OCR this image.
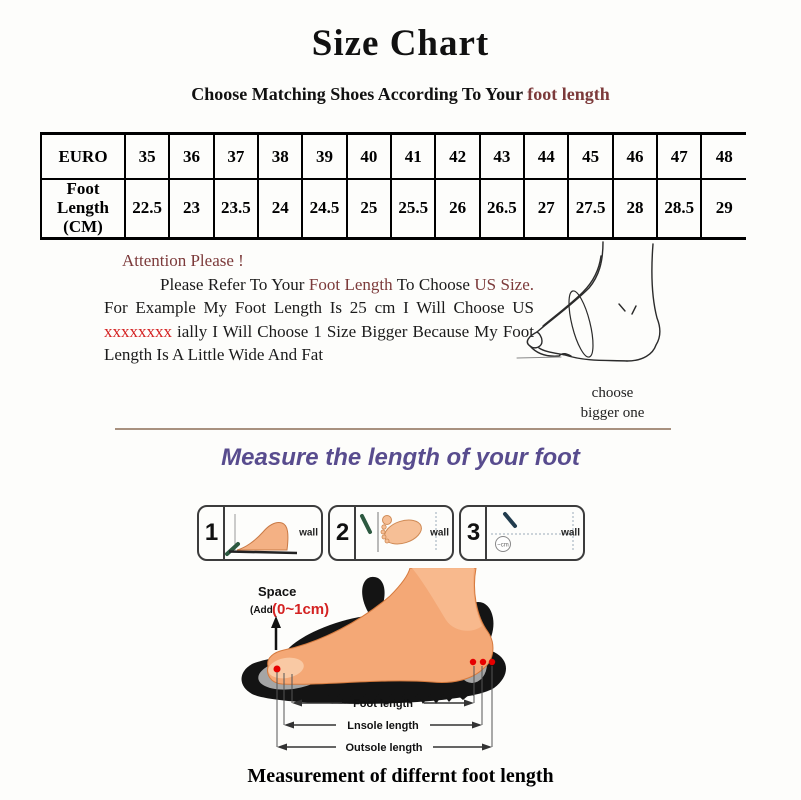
Size Chart
Choose Matching Shoes According To Your foot length
EURO	35	36	37	38	39	40	41	42	43	44	45	46	47	48
Foot Length (CM)	22.5	23	23.5	24	24.5	25	25.5	26	26.5	27	27.5	28	28.5	29
Attention Please !

Please Refer To Your Foot Length To Choose US Size. For Example My Foot Length Is 25 cm I Will Choose US xxxxxxxx ially I Will Choose 1 Size Bigger Because My Foot Length Is A Little Wide And Fat

choose
bigger one
Measure the length of your foot
1	wall 2	wall 3	~cm
wall
Space
(Add (0~1cm)
Foot length
Lnsole length
Outsole length
Measurement of differnt foot length
